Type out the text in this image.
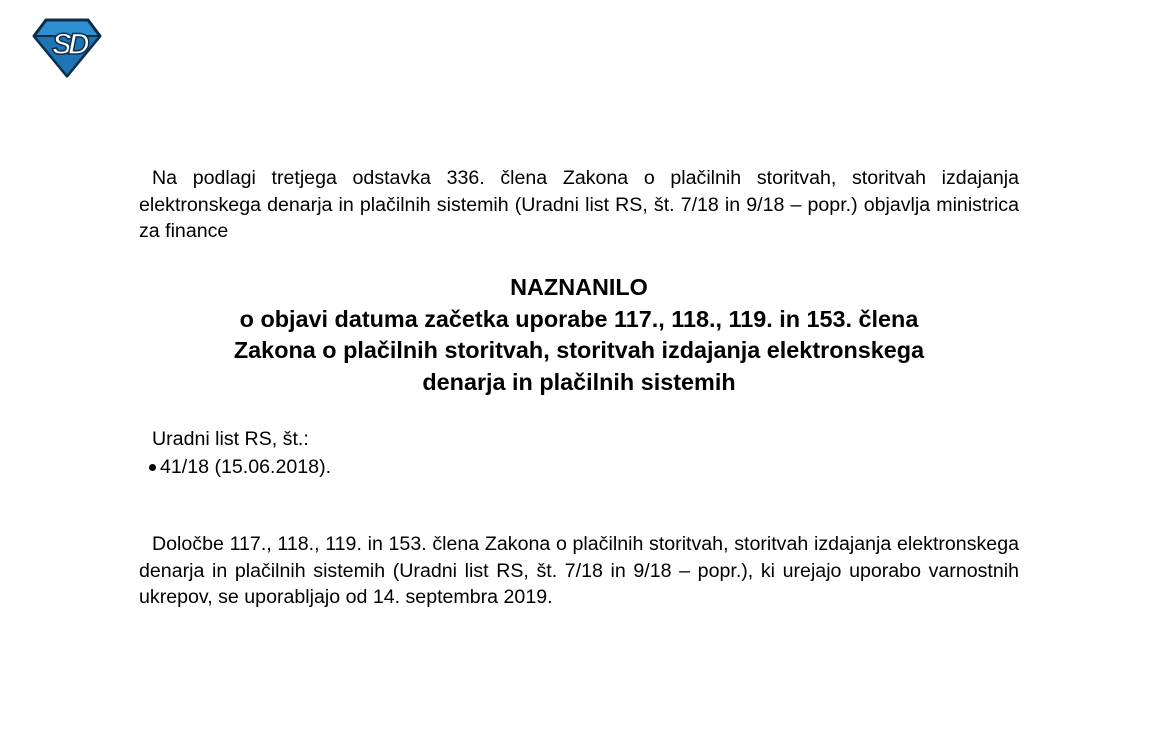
S
D

Na podlagi tretjega odstavka 336. člena Zakona o plačilnih storitvah, storitvah izdajanja elektronskega denarja in plačilnih sistemih (Uradni list RS, št. 7/18 in 9/18 – popr.) objavlja ministrica za finance

NAZNANILO
o objavi datuma začetka uporabe 117., 118., 119. in 153. člena
Zakona o plačilnih storitvah, storitvah izdajanja elektronskega
denarja in plačilnih sistemih
Uradni list RS, št.:
41/18 (15.06.2018).

Določbe 117., 118., 119. in 153. člena Zakona o plačilnih storitvah, storitvah izdajanja elektronskega denarja in plačilnih sistemih (Uradni list RS, št. 7/18 in 9/18 – popr.), ki urejajo uporabo varnostnih ukrepov, se uporabljajo od 14. septembra 2019.
